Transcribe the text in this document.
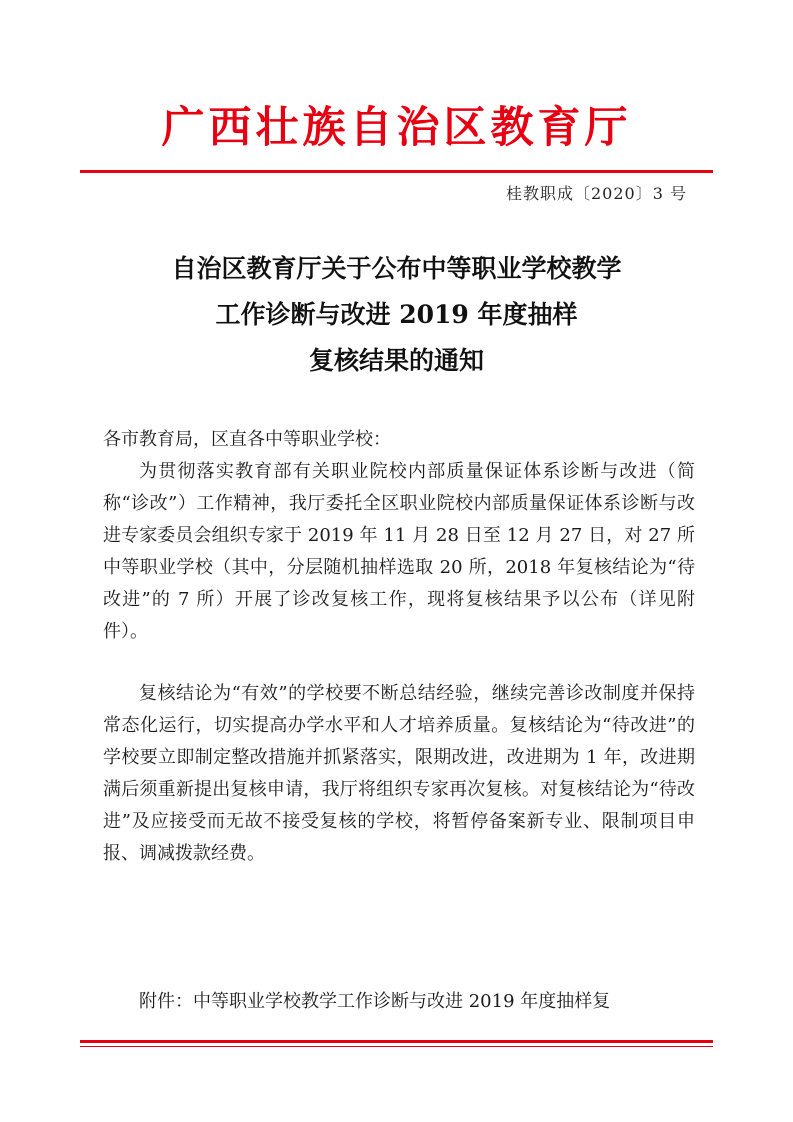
广西壮族自治区教育厅
桂教职成〔2020〕3 号
自治区教育厅关于公布中等职业学校教学
工作诊断与改进 2019 年度抽样
复核结果的通知
各市教育局，区直各中等职业学校：

为贯彻落实教育部有关职业院校内部质量保证体系诊断与改进（简称“诊改”）工作精神，我厅委托全区职业院校内部质量保证体系诊断与改进专家委员会组织专家于 2019 年 11 月 28 日至 12 月 27 日，对 27 所中等职业学校（其中，分层随机抽样选取 20 所，2018 年复核结论为“待改进”的 7 所）开展了诊改复核工作，现将复核结果予以公布（详见附件）。

复核结论为“有效”的学校要不断总结经验，继续完善诊改制度并保持常态化运行，切实提高办学水平和人才培养质量。复核结论为“待改进”的学校要立即制定整改措施并抓紧落实，限期改进，改进期为 1 年，改进期满后须重新提出复核申请，我厅将组织专家再次复核。对复核结论为“待改进”及应接受而无故不接受复核的学校，将暂停备案新专业、限制项目申报、调减拨款经费。

附件：中等职业学校教学工作诊断与改进 2019 年度抽样复
